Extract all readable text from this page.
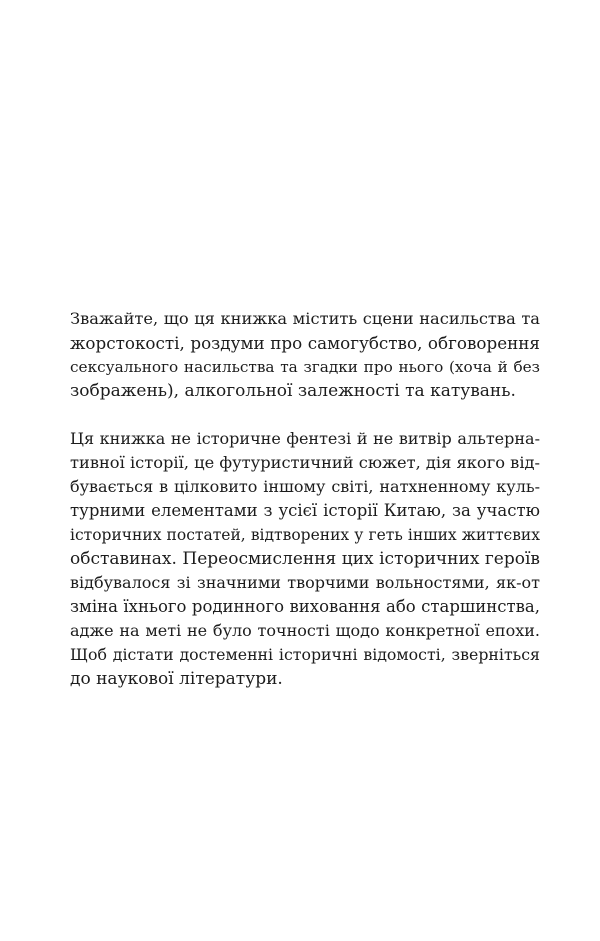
Зважайте, що ця книжка містить сцени насильства та
жорстокості, роздуми про самогубство, обговорення
сексуального насильства та згадки про нього (хоча й без
зображень), алкогольної залежності та катувань.
Ця книжка не історичне фентезі й не витвір альтерна-
тивної історії, це футуристичний сюжет, дія якого від-
бувається в цілковито іншому світі, натхненному куль-
турними елементами з усієї історії Китаю, за участю
історичних постатей, відтворених у геть інших життєвих
обставинах. Переосмислення цих історичних героїв
відбувалося зі значними творчими вольностями, як-от
зміна їхнього родинного виховання або старшинства,
адже на меті не було точності щодо конкретної епохи.
Щоб дістати достеменні історичні відомості, зверніться
до наукової літератури.
